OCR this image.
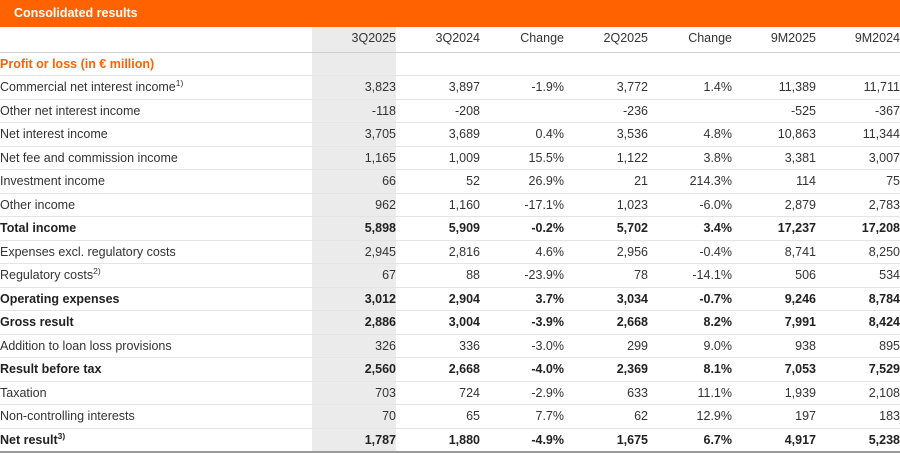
Consolidated results
	3Q2025	3Q2024	Change	2Q2025	Change	9M2025	9M2024
Profit or loss (in € million)							
Commercial net interest income$^{1)}$	3,823	3,897	-1.9%	3,772	1.4%	11,389	11,711
Other net interest income	-118	-208		-236		-525	-367
Net interest income	3,705	3,689	0.4%	3,536	4.8%	10,863	11,344
Net fee and commission income	1,165	1,009	15.5%	1,122	3.8%	3,381	3,007
Investment income	66	52	26.9%	21	214.3%	114	75
Other income	962	1,160	-17.1%	1,023	-6.0%	2,879	2,783
Total income	5,898	5,909	-0.2%	5,702	3.4%	17,237	17,208
Expenses excl. regulatory costs	2,945	2,816	4.6%	2,956	-0.4%	8,741	8,250
Regulatory costs$^{2)}$	67	88	-23.9%	78	-14.1%	506	534
Operating expenses	3,012	2,904	3.7%	3,034	-0.7%	9,246	8,784
Gross result	2,886	3,004	-3.9%	2,668	8.2%	7,991	8,424
Addition to loan loss provisions	326	336	-3.0%	299	9.0%	938	895
Result before tax	2,560	2,668	-4.0%	2,369	8.1%	7,053	7,529
Taxation	703	724	-2.9%	633	11.1%	1,939	2,108
Non-controlling interests	70	65	7.7%	62	12.9%	197	183
Net result$^{3)}$	1,787	1,880	-4.9%	1,675	6.7%	4,917	5,238
